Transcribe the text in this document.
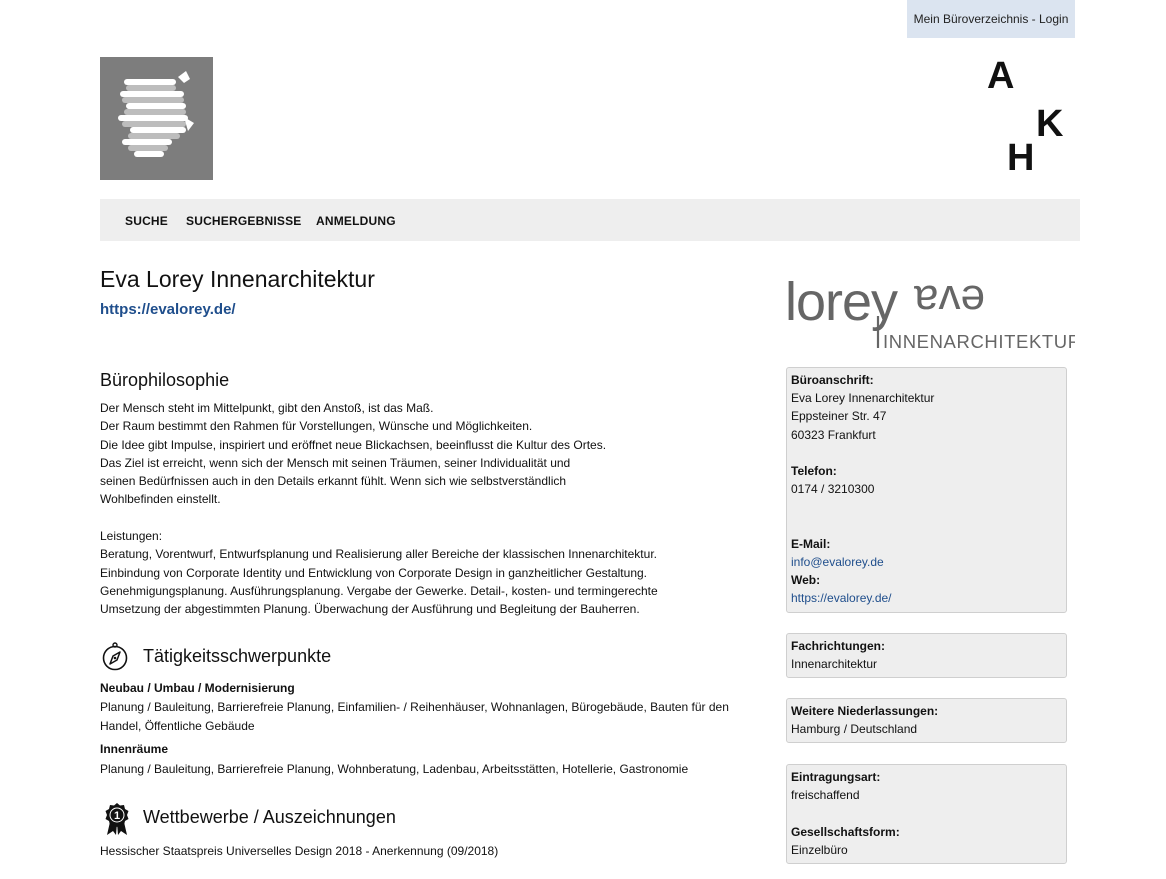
Mein Büroverzeichnis - Login
A
K
H
SUCHE SUCHERGEBNISSE ANMELDUNG
Eva Lorey Innenarchitektur
https://evalorey.de/
Bürophilosophie
Der Mensch steht im Mittelpunkt, gibt den Anstoß, ist das Maß.
Der Raum bestimmt den Rahmen für Vorstellungen, Wünsche und Möglichkeiten.
Die Idee gibt Impulse, inspiriert und eröffnet neue Blickachsen, beeinflusst die Kultur des Ortes.
Das Ziel ist erreicht, wenn sich der Mensch mit seinen Träumen, seiner Individualität und
seinen Bedürfnissen auch in den Details erkannt fühlt. Wenn sich wie selbstverständlich
Wohlbefinden einstellt.
Leistungen:
Beratung, Vorentwurf, Entwurfsplanung und Realisierung aller Bereiche der klassischen Innenarchitektur.
Einbindung von Corporate Identity und Entwicklung von Corporate Design in ganzheitlicher Gestaltung.
Genehmigungsplanung. Ausführungsplanung. Vergabe der Gewerke. Detail-, kosten- und termingerechte
Umsetzung der abgestimmten Planung. Überwachung der Ausführung und Begleitung der Bauherren.
Tätigkeitsschwerpunkte
Neubau / Umbau / Modernisierung
Planung / Bauleitung, Barrierefreie Planung, Einfamilien- / Reihenhäuser, Wohnanlagen, Bürogebäude, Bauten für den Handel, Öffentliche Gebäude
Innenräume
Planung / Bauleitung, Barrierefreie Planung, Wohnberatung, Ladenbau, Arbeitsstätten, Hotellerie, Gastronomie
1 Wettbewerbe / Auszeichnungen
Hessischer Staatspreis Universelles Design 2018 - Anerkennung (09/2018)
lorey eva
INNENARCHITEKTUR
Büroanschrift:
Eva Lorey Innenarchitektur
Eppsteiner Str. 47
60323 Frankfurt
Telefon:
0174 / 3210300
E-Mail:
info@evalorey.de
Web:
https://evalorey.de/
Fachrichtungen:
Innenarchitektur
Weitere Niederlassungen:
Hamburg / Deutschland
Eintragungsart:
freischaffend
Gesellschaftsform:
Einzelbüro
